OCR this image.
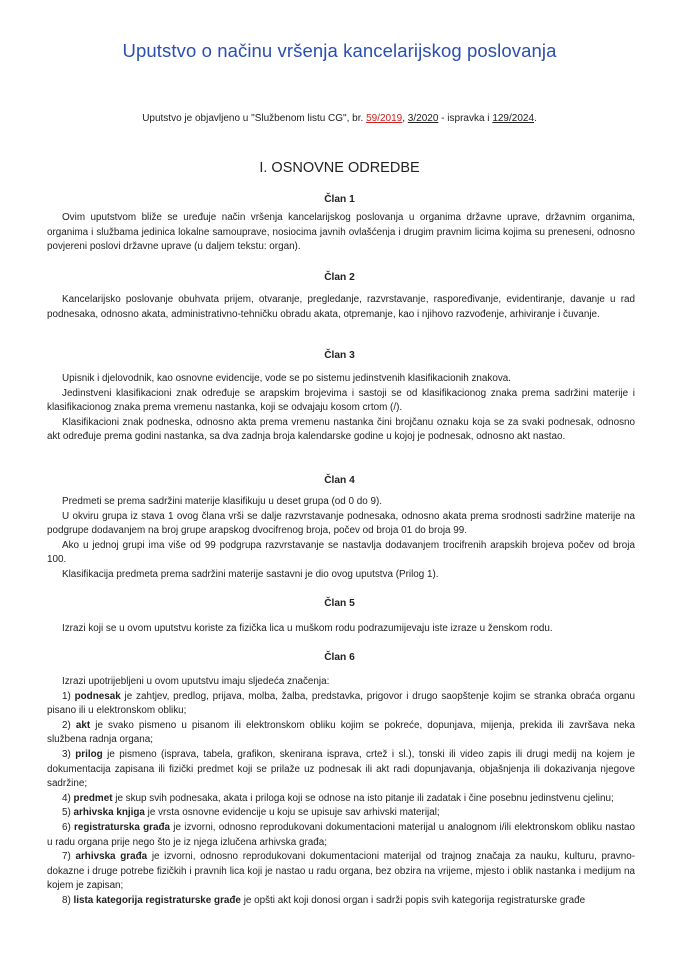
Uputstvo o načinu vršenja kancelarijskog poslovanja
Uputstvo je objavljeno u "Službenom listu CG", br. 59/2019, 3/2020 - ispravka i 129/2024.
I. OSNOVNE ODREDBE
Član 1

Ovim uputstvom bliže se uređuje način vršenja kancelarijskog poslovanja u organima državne uprave, državnim organima, organima i službama jedinica lokalne samouprave, nosiocima javnih ovlašćenja i drugim pravnim licima kojima su preneseni, odnosno povjereni poslovi državne uprave (u daljem tekstu: organ).

Član 2

Kancelarijsko poslovanje obuhvata prijem, otvaranje, pregledanje, razvrstavanje, raspoređivanje, evidentiranje, davanje u rad podnesaka, odnosno akata, administrativno-tehničku obradu akata, otpremanje, kao i njihovo razvođenje, arhiviranje i čuvanje.

Član 3

Upisnik i djelovodnik, kao osnovne evidencije, vode se po sistemu jedinstvenih klasifikacionih znakova.

Jedinstveni klasifikacioni znak određuje se arapskim brojevima i sastoji se od klasifikacionog znaka prema sadržini materije i klasifikacionog znaka prema vremenu nastanka, koji se odvajaju kosom crtom (/).

Klasifikacioni znak podneska, odnosno akta prema vremenu nastanka čini brojčanu oznaku koja se za svaki podnesak, odnosno akt određuje prema godini nastanka, sa dva zadnja broja kalendarske godine u kojoj je podnesak, odnosno akt nastao.

Član 4

Predmeti se prema sadržini materije klasifikuju u deset grupa (od 0 do 9).

U okviru grupa iz stava 1 ovog člana vrši se dalje razvrstavanje podnesaka, odnosno akata prema srodnosti sadržine materije na podgrupe dodavanjem na broj grupe arapskog dvocifrenog broja, počev od broja 01 do broja 99.

Ako u jednoj grupi ima više od 99 podgrupa razvrstavanje se nastavlja dodavanjem trocifrenih arapskih brojeva počev od broja 100.

Klasifikacija predmeta prema sadržini materije sastavni je dio ovog uputstva (Prilog 1).

Član 5

Izrazi koji se u ovom uputstvu koriste za fizička lica u muškom rodu podrazumijevaju iste izraze u ženskom rodu.

Član 6

Izrazi upotrijebljeni u ovom uputstvu imaju sljedeća značenja:

1) podnesak je zahtjev, predlog, prijava, molba, žalba, predstavka, prigovor i drugo saopštenje kojim se stranka obraća organu pisano ili u elektronskom obliku;

2) akt je svako pismeno u pisanom ili elektronskom obliku kojim se pokreće, dopunjava, mijenja, prekida ili završava neka službena radnja organa;

3) prilog je pismeno (isprava, tabela, grafikon, skenirana isprava, crtež i sl.), tonski ili video zapis ili drugi medij na kojem je dokumentacija zapisana ili fizički predmet koji se prilaže uz podnesak ili akt radi dopunjavanja, objašnjenja ili dokazivanja njegove sadržine;

4) predmet je skup svih podnesaka, akata i priloga koji se odnose na isto pitanje ili zadatak i čine posebnu jedinstvenu cjelinu;

5) arhivska knjiga je vrsta osnovne evidencije u koju se upisuje sav arhivski materijal;

6) registraturska građa je izvorni, odnosno reprodukovani dokumentacioni materijal u analognom i/ili elektronskom obliku nastao u radu organa prije nego što je iz njega izlučena arhivska građa;

7) arhivska građa je izvorni, odnosno reprodukovani dokumentacioni materijal od trajnog značaja za nauku, kulturu, pravno-dokazne i druge potrebe fizičkih i pravnih lica koji je nastao u radu organa, bez obzira na vrijeme, mjesto i oblik nastanka i medijum na kojem je zapisan;

8) lista kategorija registraturske građe je opšti akt koji donosi organ i sadrži popis svih kategorija registraturske građe
